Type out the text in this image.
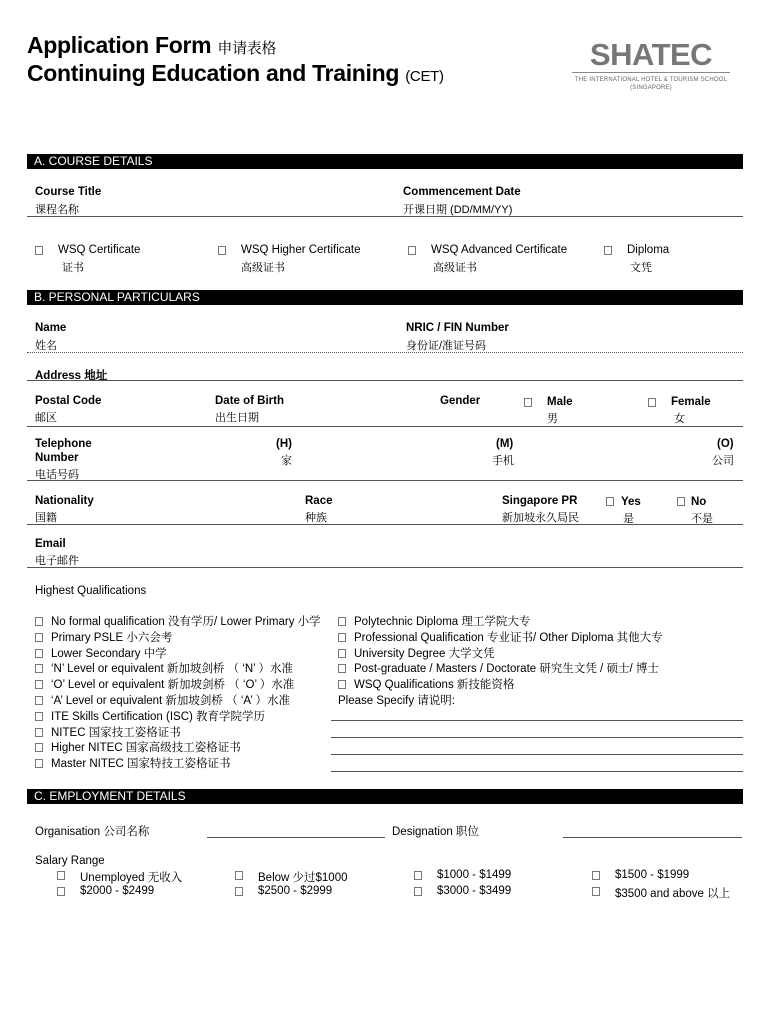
Application Form 申请表格
Continuing Education and Training (CET)
SHATEC
THE INTERNATIONAL HOTEL & TOURISM SCHOOL
(SINGAPORE)
A. COURSE DETAILS
Course Title
课程名称
Commencement Date
开课日期 (DD/MM/YY)
WSQ Certificate
证书
WSQ Higher Certificate
高级证书
WSQ Advanced Certificate
高级证书
Diploma
文凭
B. PERSONAL PARTICULARS
Name
姓名
NRIC / FIN Number
身份证/准证号码
Address 地址
Postal Code
邮区
Date of Birth
出生日期
Gender	Male
男
Female
女
Telephone
Number
电话号码
(H)
家
(M)
手机
(O)
公司
Nationality
国籍
Race
种族
Singapore PR
新加坡永久局民
Yes
是
No
不是
Email
电子邮件
Highest Qualifications
No formal qualification 没有学历/ Lower Primary 小学
Primary PSLE 小六会考
Lower Secondary 中学
‘N’ Level or equivalent 新加坡剑桥 （ ‘N’ ）水准
‘O’ Level or equivalent 新加坡剑桥 （ ‘O’ ）水准
‘A’ Level or equivalent 新加坡剑桥 （ ‘A’ ）水准
ITE Skills Certification (ISC) 教育学院学历
NITEC 国家技工姿格证书
Higher NITEC 国家高级技工姿格证书
Master NITEC 国家特技工姿格证书
Polytechnic Diploma 理工学院大专
Professional Qualification 专业证书/ Other Diploma 其他大专
University Degree 大学文凭
Post-graduate / Masters / Doctorate 研究生文凭 / 硕士/ 博士
WSQ Qualifications 新技能资格
Please Specify 请说明:
C. EMPLOYMENT DETAILS
Organisation 公司名称	Designation 职位
Salary Range
Unemployed 无收入	Below 少过$1000	$1000 - $1499	$1500 - $1999
$2000 - $2499	$2500 - $2999	$3000 - $3499	$3500 and above 以上
